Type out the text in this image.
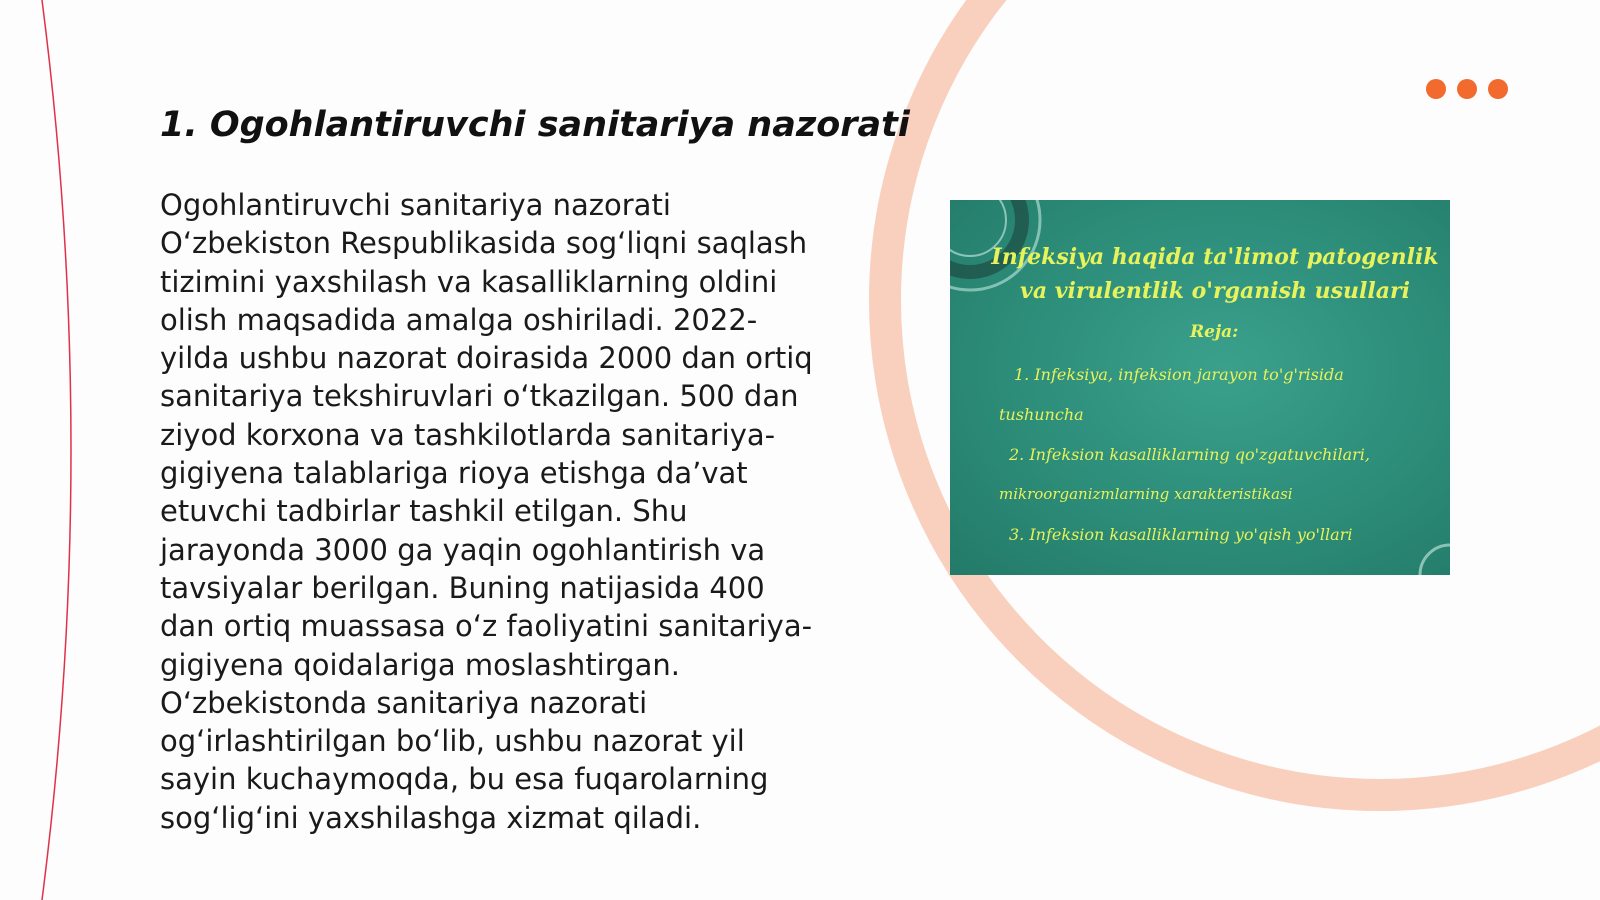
1. Ogohlantiruvchi sanitariya nazorati
Ogohlantiruvchi sanitariya nazorati
O‘zbekiston Respublikasida sog‘liqni saqlash
tizimini yaxshilash va kasalliklarning oldini
olish maqsadida amalga oshiriladi. 2022-
yilda ushbu nazorat doirasida 2000 dan ortiq
sanitariya tekshiruvlari o‘tkazilgan. 500 dan
ziyod korxona va tashkilotlarda sanitariya-
gigiyena talablariga rioya etishga da’vat
etuvchi tadbirlar tashkil etilgan. Shu
jarayonda 3000 ga yaqin ogohlantirish va
tavsiyalar berilgan. Buning natijasida 400
dan ortiq muassasa o‘z faoliyatini sanitariya-
gigiyena qoidalariga moslashtirgan.
O‘zbekistonda sanitariya nazorati
og‘irlashtirilgan bo‘lib, ushbu nazorat yil
sayin kuchaymoqda, bu esa fuqarolarning
sog‘lig‘ini yaxshilashga xizmat qiladi.

Infeksiya haqida ta'limot patogenlik
va virulentlik o'rganish usullari

Reja:

1. Infeksiya, infeksion jarayon to'g'risida

tushuncha

2. Infeksion kasalliklarning qo'zgatuvchilari,

mikroorganizmlarning xarakteristikasi

3. Infeksion kasalliklarning yo'qish yo'llari
